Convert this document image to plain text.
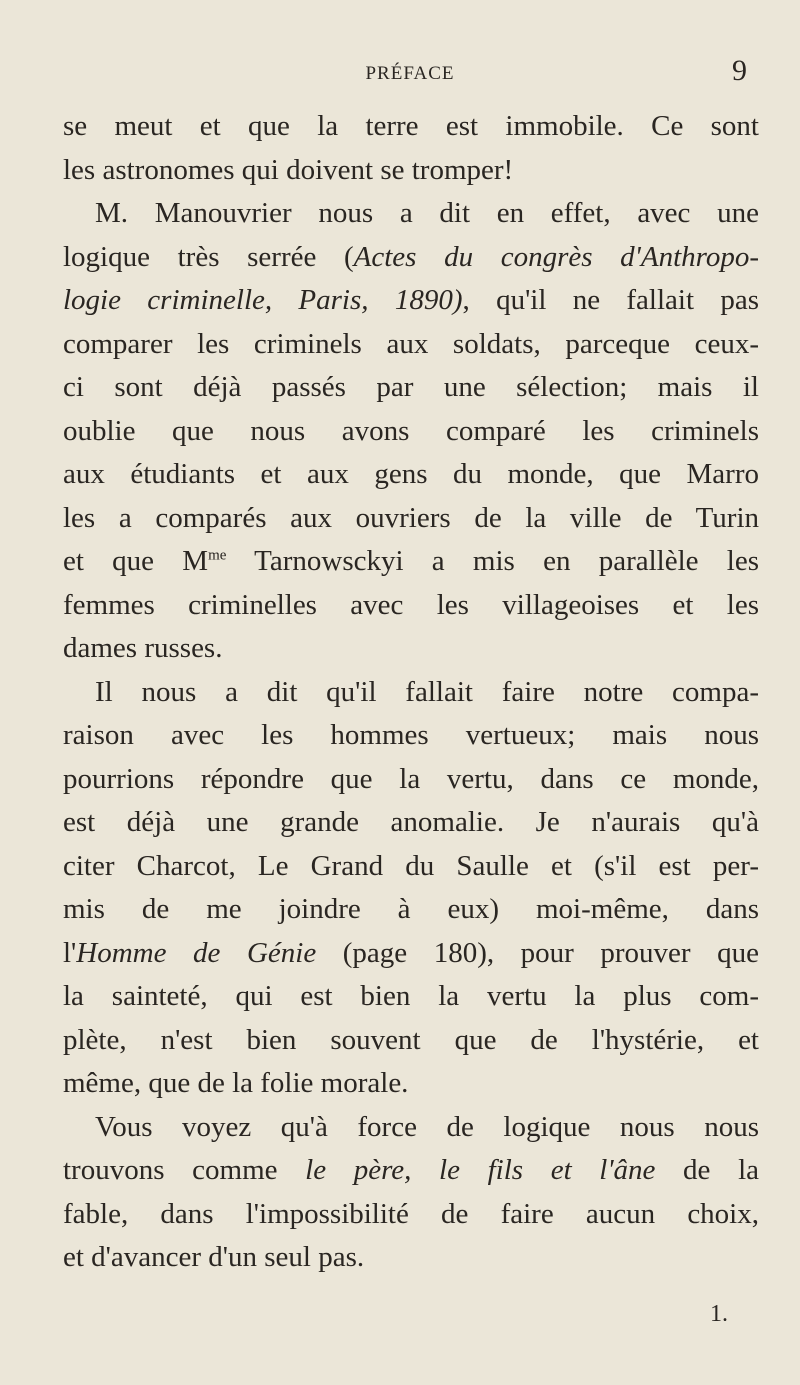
PRÉFACE	9
se meut et que la terre est immobile. Ce sont
les astronomes qui doivent se tromper!
M. Manouvrier nous a dit en effet, avec une
logique très serrée (Actes du congrès d'Anthropo-
logie criminelle, Paris, 1890), qu'il ne fallait pas
comparer les criminels aux soldats, parceque ceux-
ci sont déjà passés par une sélection; mais il
oublie que nous avons comparé les criminels
aux étudiants et aux gens du monde, que Marro
les a comparés aux ouvriers de la ville de Turin
et que $M^{me}$ Tarnowsckyi a mis en parallèle les
femmes criminelles avec les villageoises et les
dames russes.
Il nous a dit qu'il fallait faire notre compa-
raison avec les hommes vertueux; mais nous
pourrions répondre que la vertu, dans ce monde,
est déjà une grande anomalie. Je n'aurais qu'à
citer Charcot, Le Grand du Saulle et (s'il est per-
mis de me joindre à eux) moi-même, dans
l'Homme de Génie (page 180), pour prouver que
la sainteté, qui est bien la vertu la plus com-
plète, n'est bien souvent que de l'hystérie, et
même, que de la folie morale.
Vous voyez qu'à force de logique nous nous
trouvons comme le père, le fils et l'âne de la
fable, dans l'impossibilité de faire aucun choix,
et d'avancer d'un seul pas.
1.
